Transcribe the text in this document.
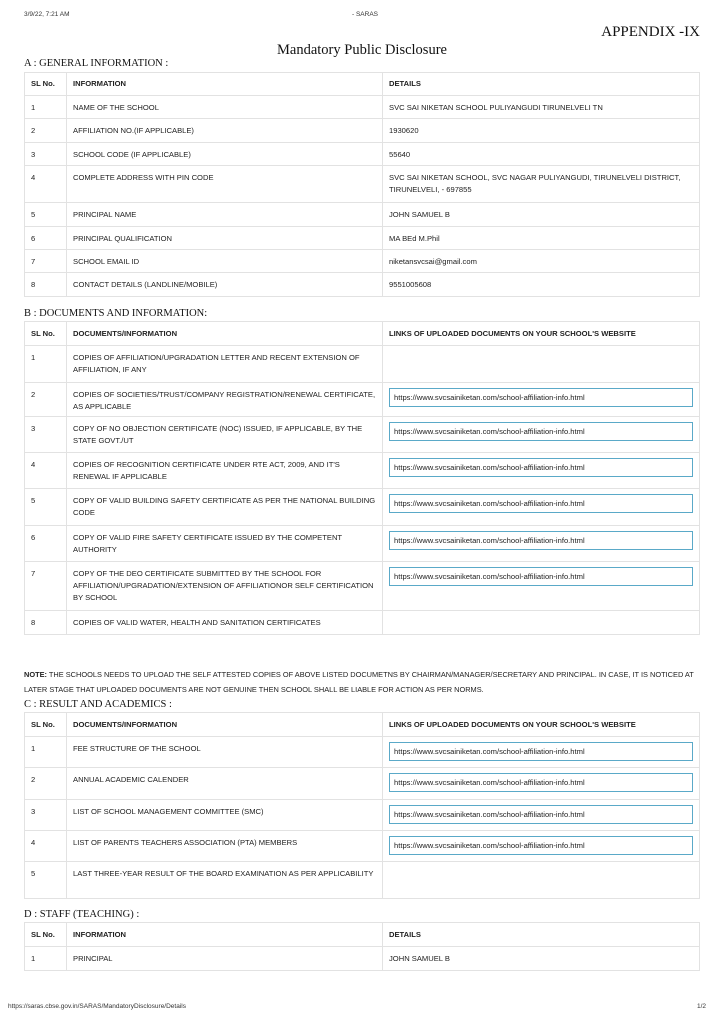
3/9/22, 7:21 AM	- SARAS
APPENDIX -IX
Mandatory Public Disclosure
A : GENERAL INFORMATION :
SL No.	INFORMATION	DETAILS
1	NAME OF THE SCHOOL	SVC SAI NIKETAN SCHOOL PULIYANGUDI TIRUNELVELI TN
2	AFFILIATION NO.(IF APPLICABLE)	1930620
3	SCHOOL CODE (IF APPLICABLE)	55640
4	COMPLETE ADDRESS WITH PIN CODE	SVC SAI NIKETAN SCHOOL, SVC NAGAR PULIYANGUDI, TIRUNELVELI DISTRICT, TIRUNELVELI, - 697855
5	PRINCIPAL NAME	JOHN SAMUEL B
6	PRINCIPAL QUALIFICATION	MA BEd M.Phil
7	SCHOOL EMAIL ID	niketansvcsai@gmail.com
8	CONTACT DETAILS (LANDLINE/MOBILE)	9551005608
B : DOCUMENTS AND INFORMATION:
SL No.	DOCUMENTS/INFORMATION	LINKS OF UPLOADED DOCUMENTS ON YOUR SCHOOL'S WEBSITE
1	COPIES OF AFFILIATION/UPGRADATION LETTER AND RECENT EXTENSION OF AFFILIATION, IF ANY	
2	COPIES OF SOCIETIES/TRUST/COMPANY REGISTRATION/RENEWAL CERTIFICATE, AS APPLICABLE	https://www.svcsainiketan.com/school-affiliation-info.html

3	COPY OF NO OBJECTION CERTIFICATE (NOC) ISSUED, IF APPLICABLE, BY THE STATE GOVT./UT	https://www.svcsainiketan.com/school-affiliation-info.html

4	COPIES OF RECOGNITION CERTIFICATE UNDER RTE ACT, 2009, AND IT'S RENEWAL IF APPLICABLE	https://www.svcsainiketan.com/school-affiliation-info.html

5	COPY OF VALID BUILDING SAFETY CERTIFICATE AS PER THE NATIONAL BUILDING CODE	https://www.svcsainiketan.com/school-affiliation-info.html

6	COPY OF VALID FIRE SAFETY CERTIFICATE ISSUED BY THE COMPETENT AUTHORITY	https://www.svcsainiketan.com/school-affiliation-info.html

7	COPY OF THE DEO CERTIFICATE SUBMITTED BY THE SCHOOL FOR AFFILIATION/UPGRADATION/EXTENSION OF AFFILIATIONOR SELF CERTIFICATION BY SCHOOL	https://www.svcsainiketan.com/school-affiliation-info.html

8	COPIES OF VALID WATER, HEALTH AND SANITATION CERTIFICATES	
NOTE: THE SCHOOLS NEEDS TO UPLOAD THE SELF ATTESTED COPIES OF ABOVE LISTED DOCUMETNS BY CHAIRMAN/MANAGER/SECRETARY AND PRINCIPAL. IN CASE, IT IS NOTICED AT LATER STAGE THAT UPLOADED DOCUMENTS ARE NOT GENUINE THEN SCHOOL SHALL BE LIABLE FOR ACTION AS PER NORMS.
C : RESULT AND ACADEMICS :
SL No.	DOCUMENTS/INFORMATION	LINKS OF UPLOADED DOCUMENTS ON YOUR SCHOOL'S WEBSITE
1	FEE STRUCTURE OF THE SCHOOL	https://www.svcsainiketan.com/school-affiliation-info.html

2	ANNUAL ACADEMIC CALENDER	https://www.svcsainiketan.com/school-affiliation-info.html

3	LIST OF SCHOOL MANAGEMENT COMMITTEE (SMC)	https://www.svcsainiketan.com/school-affiliation-info.html

4	LIST OF PARENTS TEACHERS ASSOCIATION (PTA) MEMBERS	https://www.svcsainiketan.com/school-affiliation-info.html

5	LAST THREE-YEAR RESULT OF THE BOARD EXAMINATION AS PER APPLICABILITY	
D : STAFF (TEACHING) :
SL No.	INFORMATION	DETAILS
1	PRINCIPAL	JOHN SAMUEL B
https://saras.cbse.gov.in/SARAS/MandatoryDisclosure/Details	1/2
